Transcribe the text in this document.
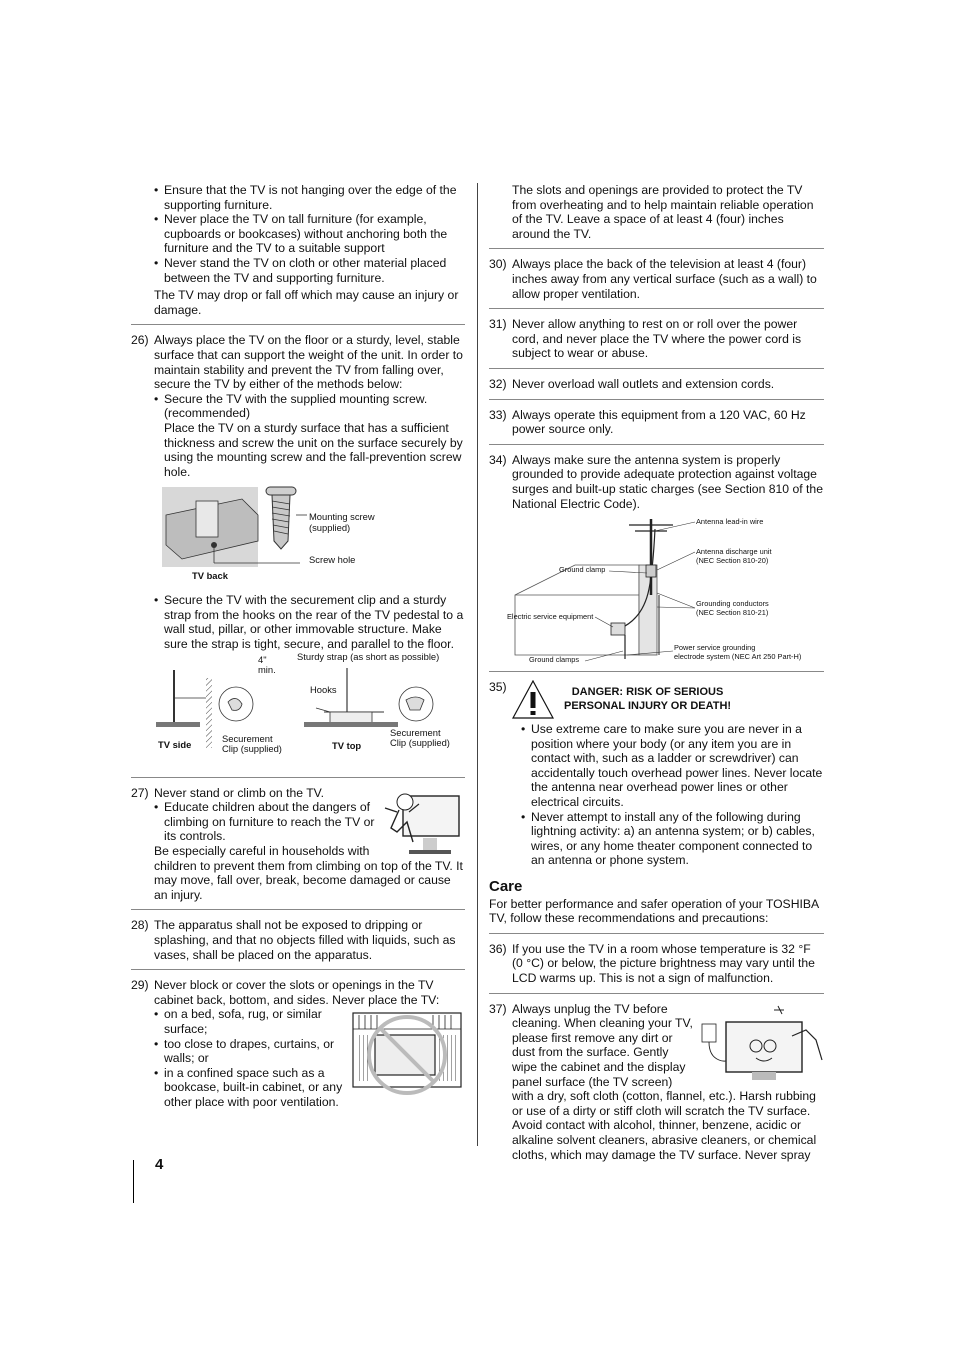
• Ensure that the TV is not hanging over the edge of the supporting furniture.
• Never place the TV on tall furniture (for example, cupboards or bookcases) without anchoring both the furniture and the TV to a suitable support
• Never stand the TV on cloth or other material placed between the TV and supporting furniture.

The TV may drop or fall off which may cause an injury or damage.

26) Always place the TV on the floor or a sturdy, level, stable surface that can support the weight of the unit. In order to maintain stability and prevent the TV from falling over, secure the TV by either of the methods below:

• Secure the TV with the supplied mounting screw. (recommended)

Place the TV on a sturdy surface that has a sufficient thickness and screw the unit on the surface securely by using the mounting screw and the fall-prevention screw hole.

Mounting screw
(supplied)
Screw hole
TV back
• Secure the TV with the securement clip and a sturdy strap from the hooks on the rear of the TV pedestal to a wall stud, pillar, or other immovable structure. Make sure the strap is tight, secure, and parallel to the floor.
4"
min.
Sturdy strap (as short as possible)
Hooks
TV side
Securement
Clip (supplied)	TV top
Securement
Clip (supplied)
27) Never stand or climb on the TV.

• Educate children about the dangers of climbing on furniture to reach the TV or its controls.

Be especially careful in households with children to prevent them from climbing on top of the TV. It may move, fall over, break, become damaged or cause an injury.

28) The apparatus shall not be exposed to dripping or splashing, and that no objects filled with liquids, such as vases, shall be placed on the apparatus.

29) Never block or cover the slots or openings in the TV cabinet back, bottom, and sides. Never place the TV:

• on a bed, sofa, rug, or similar surface;
• too close to drapes, curtains, or walls; or
• in a confined space such as a bookcase, built-in cabinet, or any other place with poor ventilation.

The slots and openings are provided to protect the TV from overheating and to help maintain reliable operation of the TV. Leave a space of at least 4 (four) inches around the TV.

30) Always place the back of the television at least 4 (four) inches away from any vertical surface (such as a wall) to allow proper ventilation.

31) Never allow anything to rest on or roll over the power cord, and never place the TV where the power cord is subject to wear or abuse.

32) Never overload wall outlets and extension cords.

33) Always operate this equipment from a 120 VAC, 60 Hz power source only.

34) Always make sure the antenna system is properly grounded to provide adequate protection against voltage surges and built-up static charges (see Section 810 of the National Electric Code).

Antenna lead-in wire
Antenna discharge unit
(NEC Section 810-20)
Ground clamp
Grounding conductors
(NEC Section 810-21)
Electric service equipment
Power service grounding
electrode system (NEC Art 250 Part-H)
Ground clamps
35)	DANGER: RISK OF SERIOUS
PERSONAL INJURY OR DEATH!
• Use extreme care to make sure you are never in a position where your body (or any item you are in contact with, such as a ladder or screwdriver) can accidentally touch overhead power lines. Never locate the antenna near overhead power lines or other electrical circuits.
• Never attempt to install any of the following during lightning activity: a) an antenna system; or b) cables, wires, or any home theater component connected to an antenna or phone system.
Care

For better performance and safer operation of your TOSHIBA TV, follow these recommendations and precautions:

36) If you use the TV in a room whose temperature is 32 °F (0 °C) or below, the picture brightness may vary until the LCD warms up. This is not a sign of malfunction.

37) Always unplug the TV before cleaning. When cleaning your TV, please first remove any dirt or dust from the surface. Gently wipe the cabinet and the display panel surface (the TV screen)

with a dry, soft cloth (cotton, flannel, etc.). Harsh rubbing or use of a dirty or stiff cloth will scratch the TV surface. Avoid contact with alcohol, thinner, benzene, acidic or alkaline solvent cleaners, abrasive cleaners, or chemical cloths, which may damage the TV surface. Never spray

4
